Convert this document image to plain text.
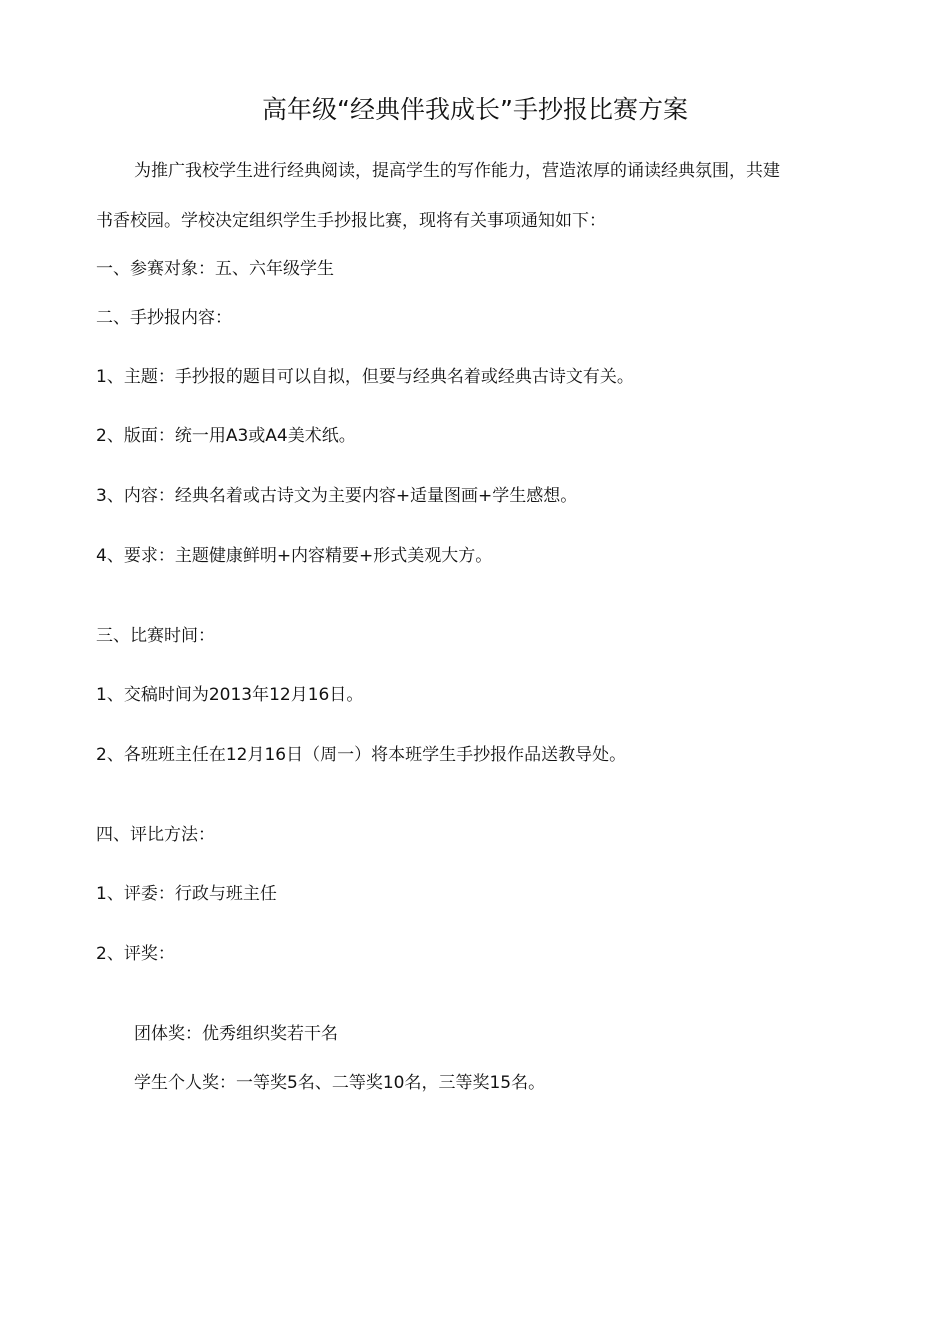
高年级“经典伴我成长”手抄报比赛方案
为推广我校学生进行经典阅读，提高学生的写作能力，营造浓厚的诵读经典氛围，共建
书香校园。学校决定组织学生手抄报比赛，现将有关事项通知如下：
一、参赛对象：五、六年级学生
二、手抄报内容：
1、主题：手抄报的题目可以自拟，但要与经典名着或经典古诗文有关。
2、版面：统一用A3或A4美术纸。
3、内容：经典名着或古诗文为主要内容+适量图画+学生感想。
4、要求：主题健康鲜明+内容精要+形式美观大方。
三、比赛时间：
1、交稿时间为2013年12月16日。
2、各班班主任在12月16日（周一）将本班学生手抄报作品送教导处。
四、评比方法：
1、评委：行政与班主任
2、评奖：
团体奖：优秀组织奖若干名
学生个人奖：一等奖5名、二等奖10名，三等奖15名。
